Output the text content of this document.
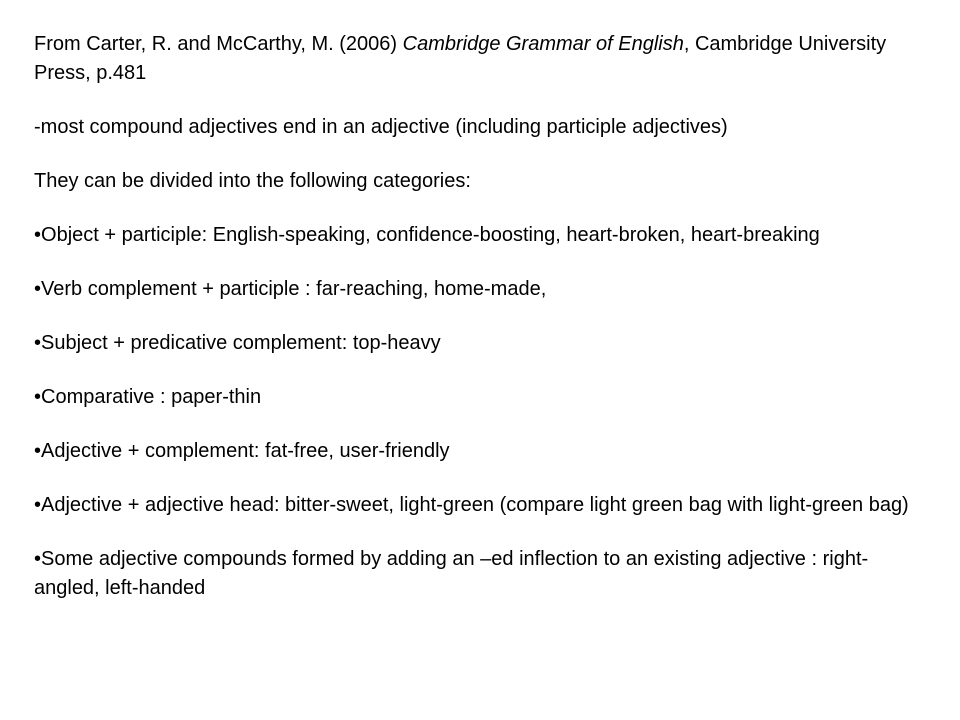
From Carter, R. and McCarthy, M. (2006) Cambridge Grammar of English, Cambridge University Press, p.481

-most compound adjectives end in an adjective (including participle adjectives)

They can be divided into the following categories:

•Object + participle: English-speaking, confidence-boosting, heart-broken, heart-breaking
•Verb complement + participle : far-reaching, home-made,
•Subject + predicative complement: top-heavy
•Comparative : paper-thin
•Adjective + complement: fat-free, user-friendly
•Adjective + adjective head: bitter-sweet, light-green (compare light green bag with light-green bag)
•Some adjective compounds formed by adding an –ed inflection to an existing adjective : right-angled, left-handed
